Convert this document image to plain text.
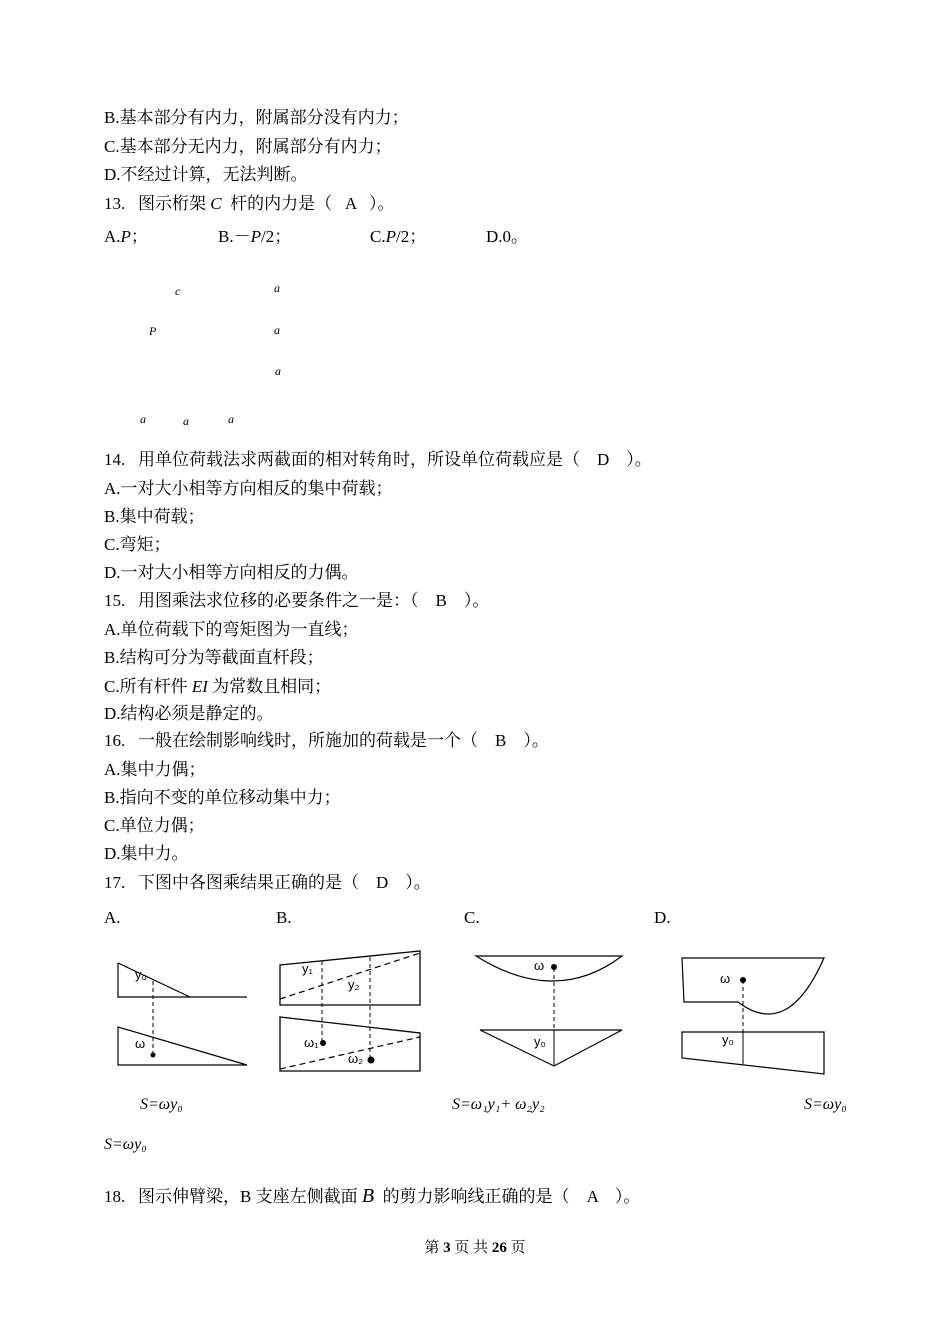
B.基本部分有内力，附属部分没有内力；
C.基本部分无内力，附属部分有内力；
D.不经过计算，无法判断。
13. 图示桁架 C 杆的内力是（ A ）。
A.P；	B.－P/2；	C.P/2；	D.0。
c	a
P	a
a
a	a	a
14. 用单位荷载法求两截面的相对转角时，所设单位荷载应是（ D ）。
A.一对大小相等方向相反的集中荷载；
B.集中荷载；
C.弯矩；
D.一对大小相等方向相反的力偶。
15. 用图乘法求位移的必要条件之一是：（ B ）。
A.单位荷载下的弯矩图为一直线；
B.结构可分为等截面直杆段；
C.所有杆件 EI 为常数且相同；
D.结构必须是静定的。
16. 一般在绘制影响线时，所施加的荷载是一个（ B ）。
A.集中力偶；
B.指向不变的单位移动集中力；
C.单位力偶；
D.集中力。
17. 下图中各图乘结果正确的是（ D ）。
A.	B.	C.	D.
y₀
ω
y₁
y₂
ω₁
ω₂
ω
y₀
ω
y₀
S=ωy₀	S=ω₁y₁+ ω₂y₂	S=ωy₀
S=ωy₀
18. 图示伸臂梁，B 支座左侧截面 B 的剪力影响线正确的是（ A ）。
第 3 页 共 26 页
